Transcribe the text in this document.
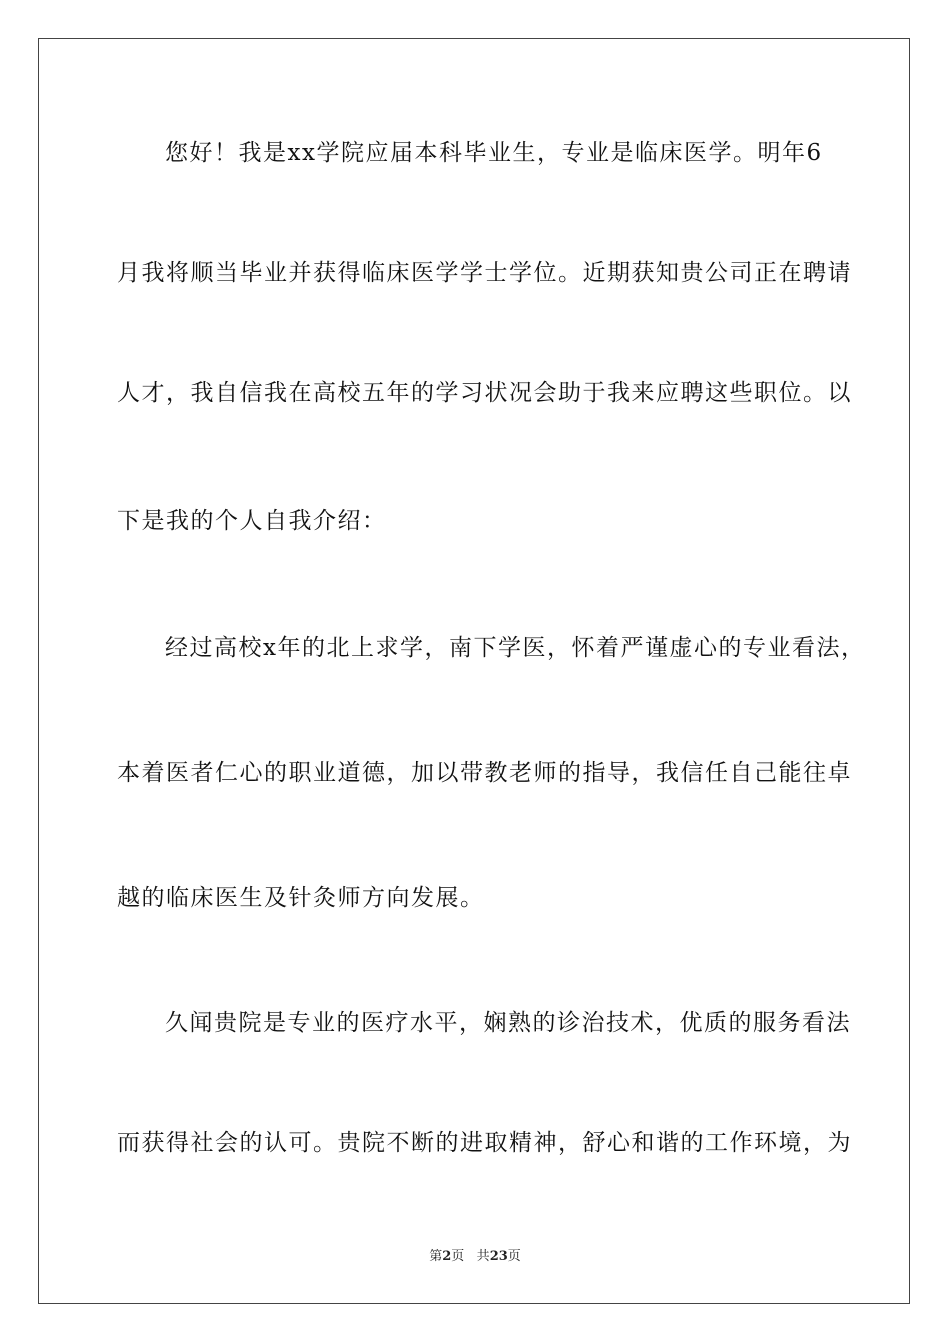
您好！我是xx学院应届本科毕业生，专业是临床医学。明年6
月我将顺当毕业并获得临床医学学士学位。近期获知贵公司正在聘请
人才，我自信我在高校五年的学习状况会助于我来应聘这些职位。以
下是我的个人自我介绍：
经过高校x年的北上求学，南下学医，怀着严谨虚心的专业看法，
本着医者仁心的职业道德，加以带教老师的指导，我信任自己能往卓
越的临床医生及针灸师方向发展。
久闻贵院是专业的医疗水平，娴熟的诊治技术，优质的服务看法
而获得社会的认可。贵院不断的进取精神，舒心和谐的工作环境，为
第2页 共23页
